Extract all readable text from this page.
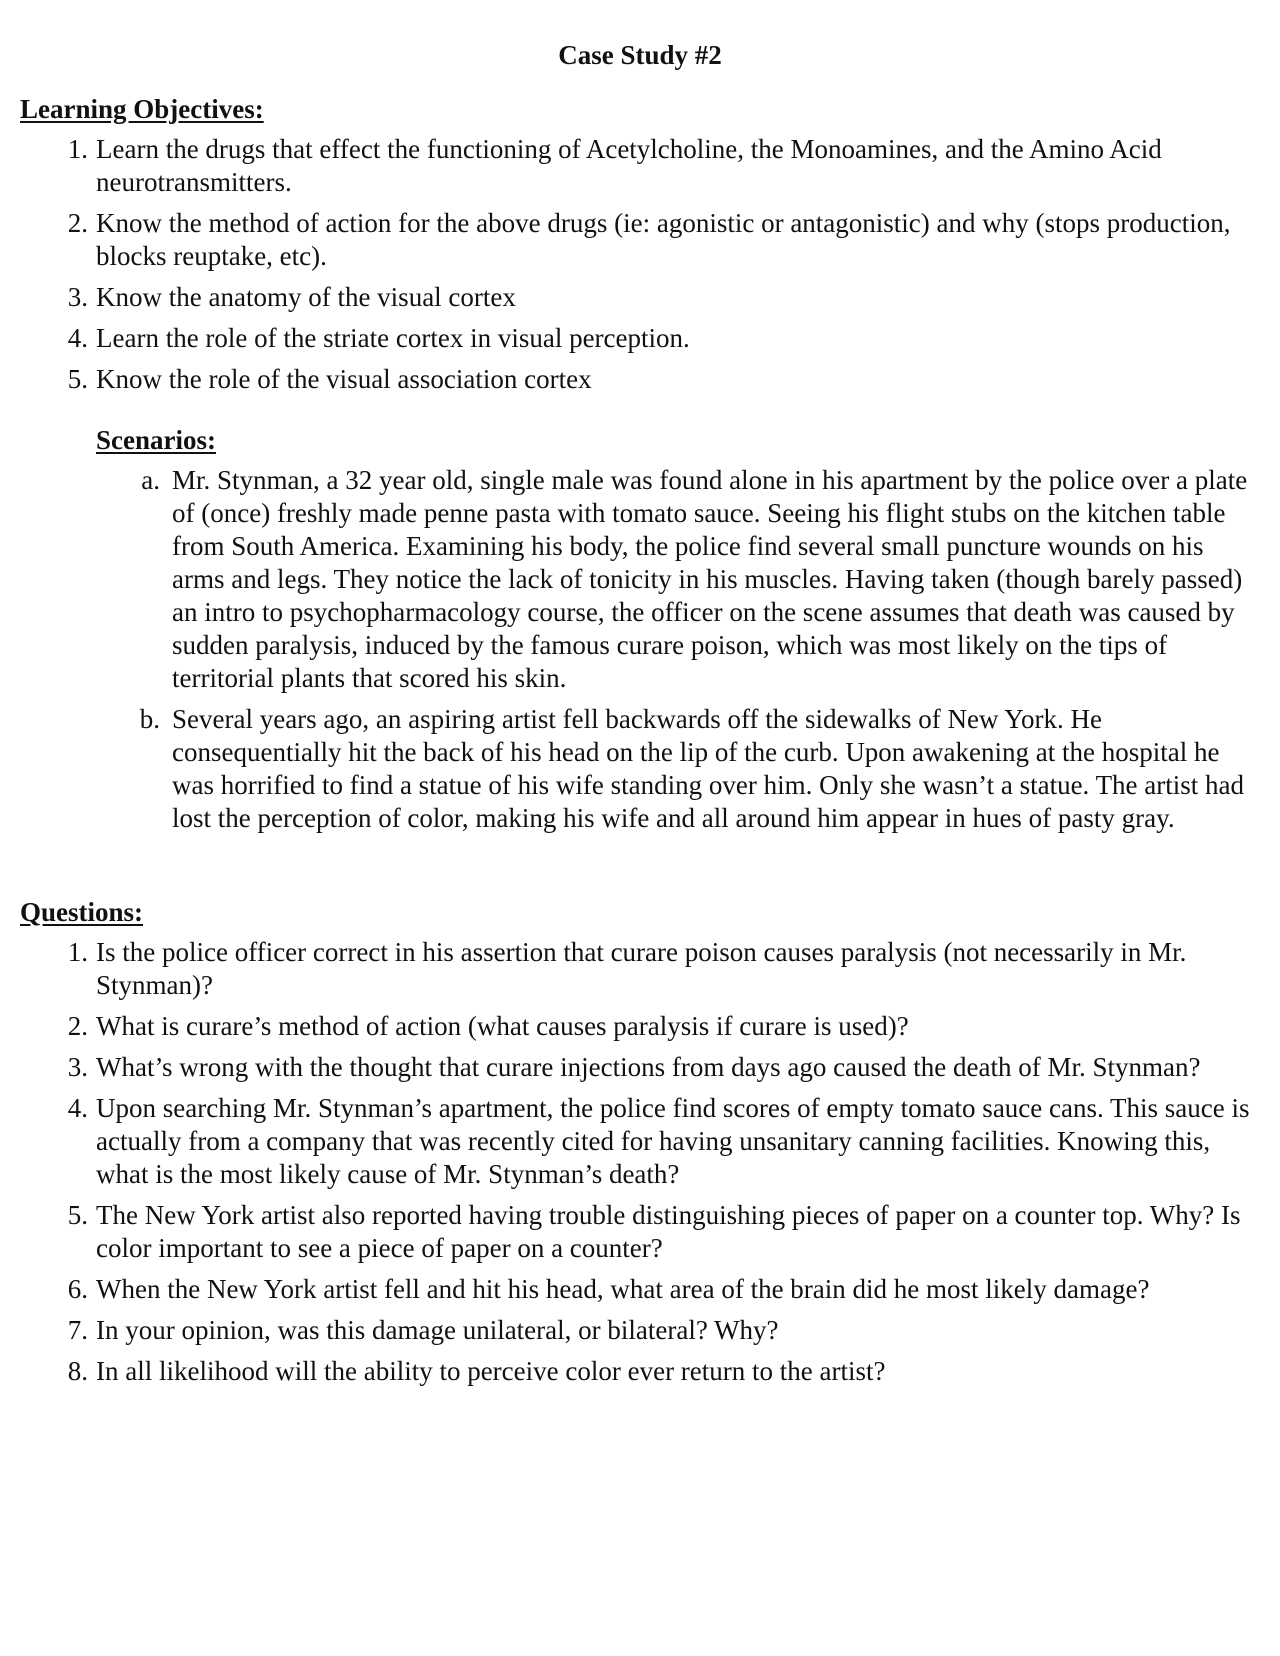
Case Study #2
Learning Objectives:
1. Learn the drugs that effect the functioning of Acetylcholine, the Monoamines, and the Amino Acid neurotransmitters.
2. Know the method of action for the above drugs (ie: agonistic or antagonistic) and why (stops production, blocks reuptake, etc).
3. Know the anatomy of the visual cortex
4. Learn the role of the striate cortex in visual perception.
5. Know the role of the visual association cortex
Scenarios:
a. Mr. Stynman, a 32 year old, single male was found alone in his apartment by the police over a plate of (once) freshly made penne pasta with tomato sauce. Seeing his flight stubs on the kitchen table from South America. Examining his body, the police find several small puncture wounds on his arms and legs. They notice the lack of tonicity in his muscles. Having taken (though barely passed) an intro to psychopharmacology course, the officer on the scene assumes that death was caused by sudden paralysis, induced by the famous curare poison, which was most likely on the tips of territorial plants that scored his skin.
b. Several years ago, an aspiring artist fell backwards off the sidewalks of New York. He consequentially hit the back of his head on the lip of the curb. Upon awakening at the hospital he was horrified to find a statue of his wife standing over him. Only she wasn’t a statue. The artist had lost the perception of color, making his wife and all around him appear in hues of pasty gray.
Questions:
1. Is the police officer correct in his assertion that curare poison causes paralysis (not necessarily in Mr. Stynman)?
2. What is curare’s method of action (what causes paralysis if curare is used)?
3. What’s wrong with the thought that curare injections from days ago caused the death of Mr. Stynman?
4. Upon searching Mr. Stynman’s apartment, the police find scores of empty tomato sauce cans. This sauce is actually from a company that was recently cited for having unsanitary canning facilities. Knowing this, what is the most likely cause of Mr. Stynman’s death?
5. The New York artist also reported having trouble distinguishing pieces of paper on a counter top. Why? Is color important to see a piece of paper on a counter?
6. When the New York artist fell and hit his head, what area of the brain did he most likely damage?
7. In your opinion, was this damage unilateral, or bilateral? Why?
8. In all likelihood will the ability to perceive color ever return to the artist?
